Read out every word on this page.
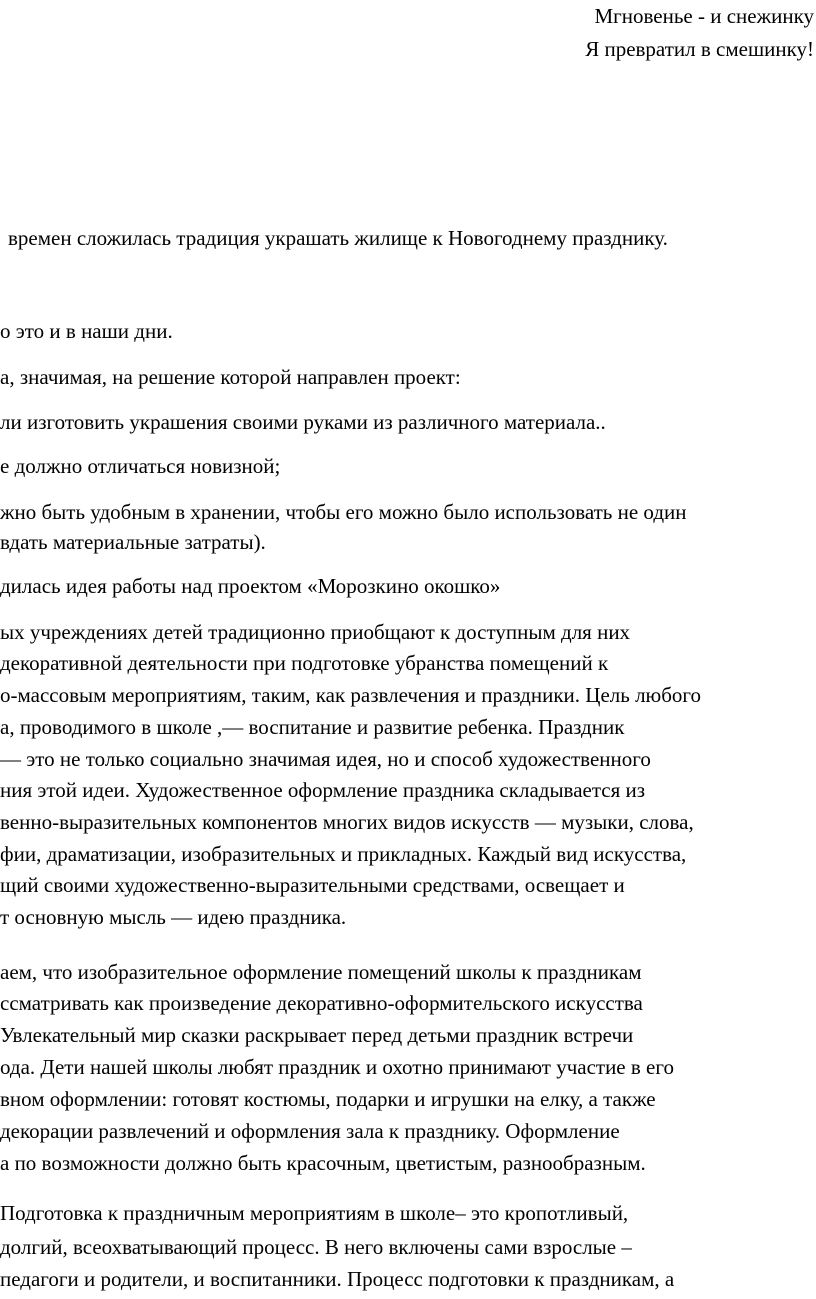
Мгновенье - и снежинку
Я превратил в смешинку!
времен сложилась традиция украшать жилище к Новогоднему празднику.
о это и в наши дни.
а, значимая, на решение которой направлен проект:
ли изготовить украшения своими руками из различного материала..
е должно отличаться новизной;
жно быть удобным в хранении, чтобы его можно было использовать не один
вдать материальные затраты).
дилась идея работы над проектом «Морозкино окошко»
ых учреждениях детей традиционно приобщают к доступным для них
декоративной деятельности при подготовке убранства помещений к
о-массовым мероприятиям, таким, как развлечения и праздники. Цель любого
а, проводимого в школе ,— воспитание и развитие ребенка. Праздник
— это не только социально значимая идея, но и способ художественного
ния этой идеи. Художественное оформление праздника складывается из
венно-выразительных компонентов многих видов искусств — музыки, слова,
фии, драматизации, изобразительных и прикладных. Каждый вид искусства,
щий своими художественно-выразительными средствами, освещает и
т основную мысль — идею праздника.
аем, что изобразительное оформление помещений школы к праздникам
ссматривать как произведение декоративно-оформительского искусства
Увлекательный мир сказки раскрывает перед детьми праздник встречи
ода. Дети нашей школы любят праздник и охотно принимают участие в его
вном оформлении: готовят костюмы, подарки и игрушки на елку, а также
декорации развлечений и оформления зала к празднику. Оформление
а по возможности должно быть красочным, цветистым, разнообразным.
Подготовка к праздничным мероприятиям в школе– это кропотливый,
долгий, всеохватывающий процесс. В него включены сами взрослые –
педагоги и родители, и воспитанники. Процесс подготовки к праздникам, а
